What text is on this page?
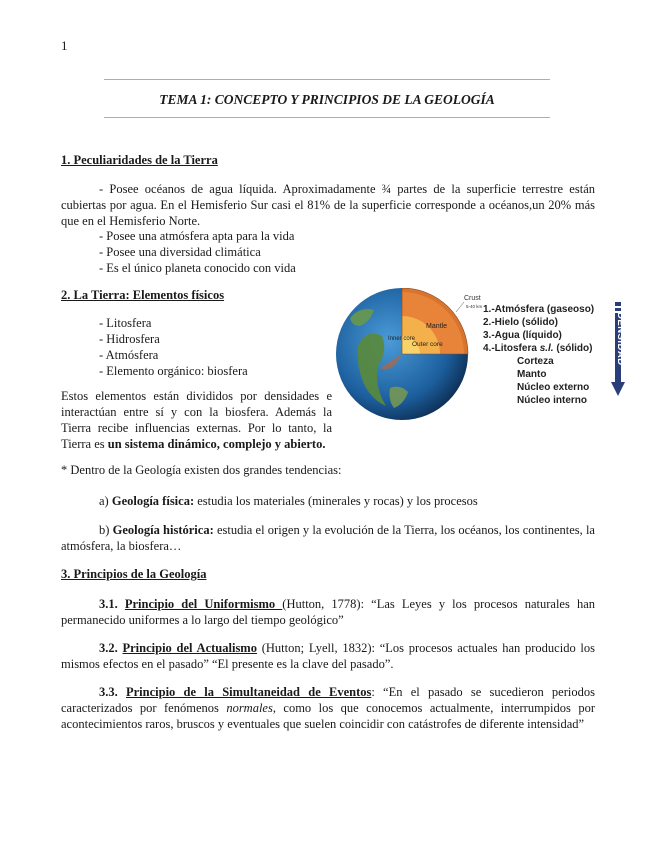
1
TEMA 1: CONCEPTO Y PRINCIPIOS DE LA GEOLOGÍA
1. Peculiaridades de la Tierra
- Posee océanos de agua líquida. Aproximadamente ¾ partes de la superficie terrestre están cubiertas por agua. En el Hemisferio Sur casi el 81% de la superficie corresponde a océanos,un 20% más que en el Hemisferio Norte.
- Posee una atmósfera apta para la vida
- Posee una diversidad climática
- Es el único planeta conocido con vida
2. La Tierra: Elementos físicos
- Litosfera
- Hidrosfera
- Atmósfera
- Elemento orgánico: biosfera
Estos elementos están divididos por densidades e interactúan entre sí y con la biosfera. Además la Tierra recibe influencias externas. Por lo tanto, la Tierra es un sistema dinámico, complejo y abierto.
Mantle
Outer core
Inner core
Crust
5-40 km 1.-Atmósfera (gaseoso)
2.-Hielo (sólido)
3.-Agua (líquido)
4.-Litosfera s.l. (sólido)
Corteza
Manto
Núcleo externo
Núcleo interno
DENSIDAD
* Dentro de la Geología existen dos grandes tendencias:
a) Geología física: estudia los materiales (minerales y rocas) y los procesos
b) Geología histórica: estudia el origen y la evolución de la Tierra, los océanos, los continentes, la atmósfera, la biosfera…
3. Principios de la Geología
3.1. Principio del Uniformismo (Hutton, 1778): “Las Leyes y los procesos naturales han permanecido uniformes a lo largo del tiempo geológico”
3.2. Principio del Actualismo (Hutton; Lyell, 1832): “Los procesos actuales han producido los mismos efectos en el pasado” “El presente es la clave del pasado”.
3.3. Principio de la Simultaneidad de Eventos: “En el pasado se sucedieron periodos caracterizados por fenómenos normales, como los que conocemos actualmente, interrumpidos por acontecimientos raros, bruscos y eventuales que suelen coincidir con catástrofes de diferente intensidad”
